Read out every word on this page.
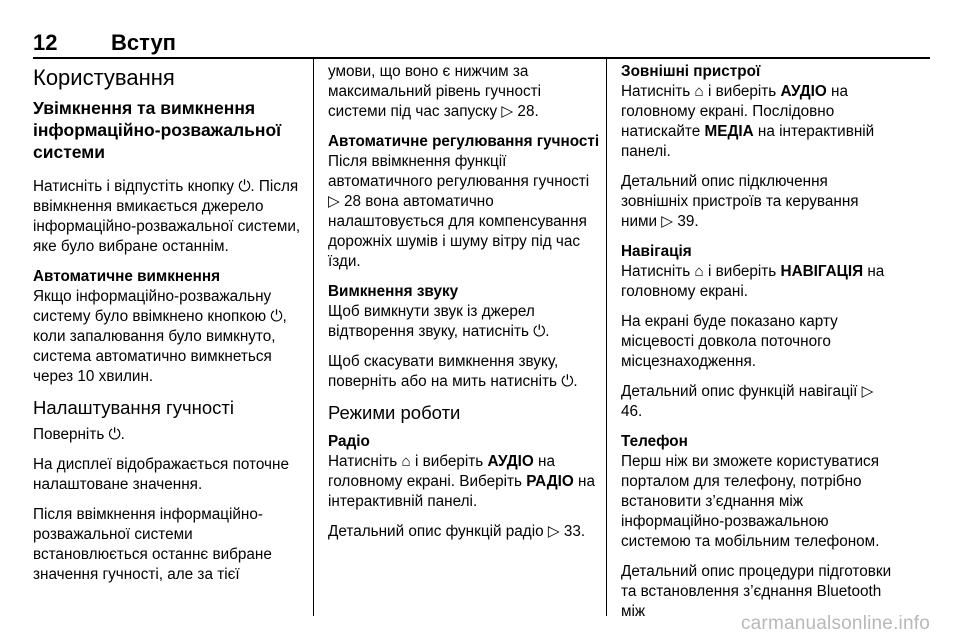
12 Вступ
Користування
Увімкнення та вимкнення інформаційно-розважальної системи

Натисніть і відпустіть кнопку ⏻. Після ввімкнення вмикається джерело інформаційно-розважальної системи, яке було вибране останнім.

Автоматичне вимкнення

Якщо інформаційно-розважальну систему було ввімкнено кнопкою ⏻, коли запалювання було вимкнуто, система автоматично вимкнеться через 10 хвилин.

Налаштування гучності

Поверніть ⏻.

На дисплеї відображається поточне налаштоване значення.

Після ввімкнення інформаційно-розважальної системи встановлюється останнє вибране значення гучності, але за тієї

умови, що воно є нижчим за максимальний рівень гучності системи під час запуску ▷ 28.

Автоматичне регулювання гучності

Після ввімкнення функції автоматичного регулювання гучності ▷ 28 вона автоматично налаштовується для компенсування дорожніх шумів і шуму вітру під час їзди.

Вимкнення звуку

Щоб вимкнути звук із джерел відтворення звуку, натисніть ⏻.

Щоб скасувати вимкнення звуку, поверніть або на мить натисніть ⏻.

Режими роботи
Радіо

Натисніть ⌂ і виберіть АУДІО на головному екрані. Виберіть РАДІО на інтерактивній панелі.

Детальний опис функцій радіо ▷ 33.

Зовнішні пристрої

Натисніть ⌂ і виберіть АУДІО на головному екрані. Послідовно натискайте МЕДІА на інтерактивній панелі.

Детальний опис підключення зовнішніх пристроїв та керування ними ▷ 39.

Навігація

Натисніть ⌂ і виберіть НАВІГАЦІЯ на головному екрані.

На екрані буде показано карту місцевості довкола поточного місцезнаходження.

Детальний опис функцій навігації ▷ 46.

Телефон

Перш ніж ви зможете користуватися порталом для телефону, потрібно встановити з’єднання між інформаційно-розважальною системою та мобільним телефоном.

Детальний опис процедури підготовки та встановлення з’єднання Bluetooth між

carmanualsonline.info
